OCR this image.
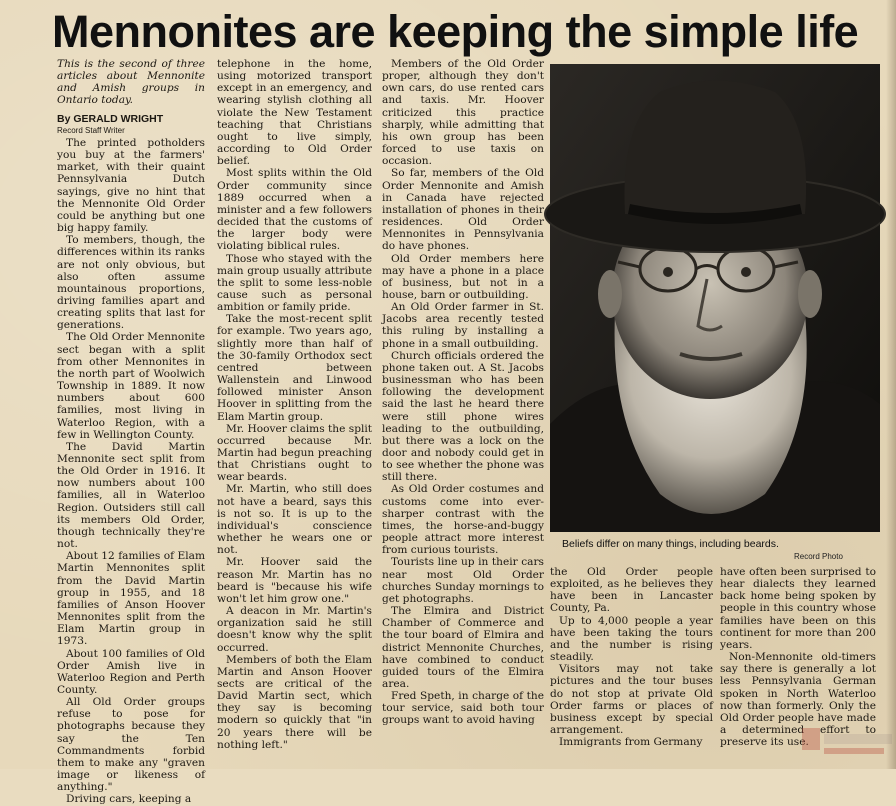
Mennonites are keeping the simple life

This is the second of three articles about Mennonite and Amish groups in Ontario today.

By GERALD WRIGHT

Record Staff Writer

The printed potholders you buy at the farmers' market, with their quaint Pennsylvania Dutch sayings, give no hint that the Mennonite Old Order could be anything but one big happy family.

To members, though, the differences within its ranks are not only obvious, but also often assume mountainous proportions, driving families apart and creating splits that last for generations.

The Old Order Mennonite sect began with a split from other Mennonites in the north part of Woolwich Township in 1889. It now numbers about 600 families, most living in Waterloo Region, with a few in Wellington County.

The David Martin Mennonite sect split from the Old Order in 1916. It now numbers about 100 families, all in Waterloo Region. Outsiders still call its members Old Order, though technically they're not.

About 12 families of Elam Martin Mennonites split from the David Martin group in 1955, and 18 families of Anson Hoover Mennonites split from the Elam Martin group in 1973.

About 100 families of Old Order Amish live in Waterloo Region and Perth County.

All Old Order groups refuse to pose for photographs because they say the Ten Commandments forbid them to make any "graven image or likeness of anything."

Driving cars, keeping a

telephone in the home, using motorized transport except in an emergency, and wearing stylish clothing all violate the New Testament teaching that Christians ought to live simply, according to Old Order belief.

Most splits within the Old Order community since 1889 occurred when a minister and a few followers decided that the customs of the larger body were violating biblical rules.

Those who stayed with the main group usually attribute the split to some less-noble cause such as personal ambition or family pride.

Take the most-recent split for example. Two years ago, slightly more than half of the 30-family Orthodox sect centred between Wallenstein and Linwood followed minister Anson Hoover in splitting from the Elam Martin group.

Mr. Hoover claims the split occurred because Mr. Martin had begun preaching that Christians ought to wear beards.

Mr. Martin, who still does not have a beard, says this is not so. It is up to the individual's conscience whether he wears one or not.

Mr. Hoover said the reason Mr. Martin has no beard is "because his wife won't let him grow one."

A deacon in Mr. Martin's organization said he still doesn't know why the split occurred.

Members of both the Elam Martin and Anson Hoover sects are critical of the David Martin sect, which they say is becoming modern so quickly that "in 20 years there will be nothing left."

Members of the Old Order proper, although they don't own cars, do use rented cars and taxis. Mr. Hoover criticized this practice sharply, while admitting that his own group has been forced to use taxis on occasion.

So far, members of the Old Order Mennonite and Amish in Canada have rejected installation of phones in their residences. Old Order Mennonites in Pennsylvania do have phones.

Old Order members here may have a phone in a place of business, but not in a house, barn or outbuilding.

An Old Order farmer in St. Jacobs area recently tested this ruling by installing a phone in a small outbuilding.

Church officials ordered the phone taken out. A St. Jacobs businessman who has been following the development said the last he heard there were still phone wires leading to the outbuilding, but there was a lock on the door and nobody could get in to see whether the phone was still there.

As Old Order costumes and customs come into ever-sharper contrast with the times, the horse-and-buggy people attract more interest from curious tourists.

Tourists line up in their cars near most Old Order churches Sunday mornings to get photographs.

The Elmira and District Chamber of Commerce and the tour board of Elmira and district Mennonite Churches, have combined to conduct guided tours of the Elmira area.

Fred Speth, in charge of the tour service, said both tour groups want to avoid having

Beliefs differ on many things, including beards.
Record Photo

the Old Order people exploited, as he believes they have been in Lancaster County, Pa.

Up to 4,000 people a year have been taking the tours and the number is rising steadily.

Visitors may not take pictures and the tour buses do not stop at private Old Order farms or places of business except by special arrangement.

Immigrants from Germany

have often been surprised to hear dialects they learned back home being spoken by people in this country whose families have been on this continent for more than 200 years.

Non-Mennonite old-timers say there is generally a lot less Pennsylvania German spoken in North Waterloo now than formerly. Only the Old Order people have made a determined effort to preserve its use.
